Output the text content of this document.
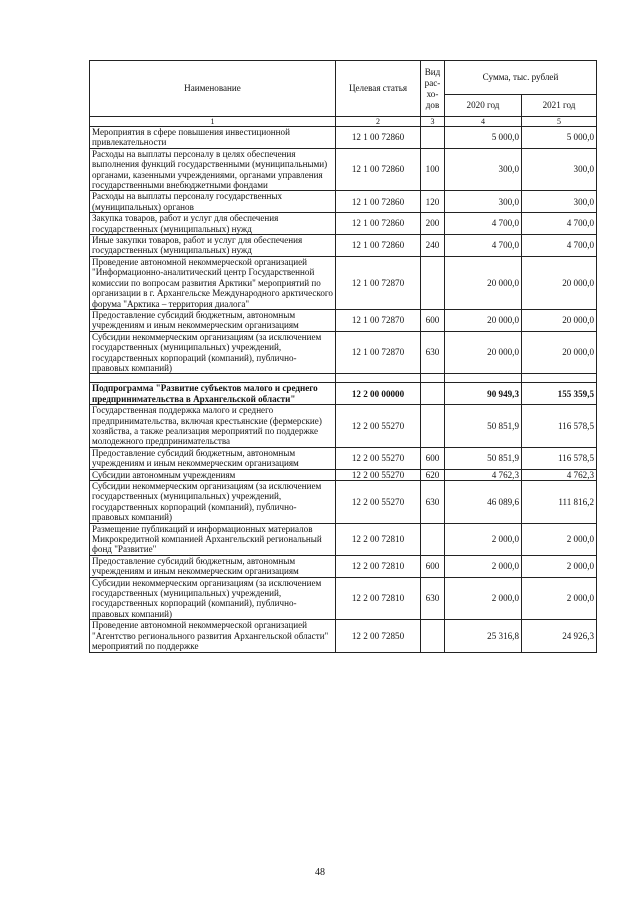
Наименование	Целевая статья	Вид рас-хо-дов	Сумма, тыс. рублей	
			2020 год	2021 год
1	2	3	4	5
Мероприятия в сфере повышения инвестиционной привлекательности	12 1 00 72860		5 000,0	5 000,0
Расходы на выплаты персоналу в целях обеспечения выполнения функций государственными (муниципальными) органами, казенными учреждениями, органами управления государственными внебюджетными фондами	12 1 00 72860	100	300,0	300,0
Расходы на выплаты персоналу государственных (муниципальных) органов	12 1 00 72860	120	300,0	300,0
Закупка товаров, работ и услуг для обеспечения государственных (муниципальных) нужд	12 1 00 72860	200	4 700,0	4 700,0
Иные закупки товаров, работ и услуг для обеспечения государственных (муниципальных) нужд	12 1 00 72860	240	4 700,0	4 700,0
Проведение автономной некоммерческой организацией "Информационно-аналитический центр Государственной комиссии по вопросам развития Арктики" мероприятий по организации в г. Архангельске Международного арктического форума "Арктика – территория диалога"	12 1 00 72870		20 000,0	20 000,0
Предоставление субсидий бюджетным, автономным учреждениям и иным некоммерческим организациям	12 1 00 72870	600	20 000,0	20 000,0
Субсидии некоммерческим организациям (за исключением государственных (муниципальных) учреждений, государственных корпораций (компаний), публично-правовых компаний)	12 1 00 72870	630	20 000,0	20 000,0

Подпрограмма "Развитие субъектов малого и среднего предпринимательства в Архангельской области"	12 2 00 00000		90 949,3	155 359,5
Государственная поддержка малого и среднего предпринимательства, включая крестьянские (фермерские) хозяйства, а также реализация мероприятий по поддержке молодежного предпринимательства	12 2 00 55270		50 851,9	116 578,5
Предоставление субсидий бюджетным, автономным учреждениям и иным некоммерческим организациям	12 2 00 55270	600	50 851,9	116 578,5
Субсидии автономным учреждениям	12 2 00 55270	620	4 762,3	4 762,3
Субсидии некоммерческим организациям (за исключением государственных (муниципальных) учреждений, государственных корпораций (компаний), публично-правовых компаний)	12 2 00 55270	630	46 089,6	111 816,2
Размещение публикаций и информационных материалов Микрокредитной компанией Архангельский региональный фонд "Развитие"	12 2 00 72810		2 000,0	2 000,0
Предоставление субсидий бюджетным, автономным учреждениям и иным некоммерческим организациям	12 2 00 72810	600	2 000,0	2 000,0
Субсидии некоммерческим организациям (за исключением государственных (муниципальных) учреждений, государственных корпораций (компаний), публично-правовых компаний)	12 2 00 72810	630	2 000,0	2 000,0
Проведение автономной некоммерческой организацией "Агентство регионального развития Архангельской области" мероприятий по поддержке	12 2 00 72850		25 316,8	24 926,3
48
